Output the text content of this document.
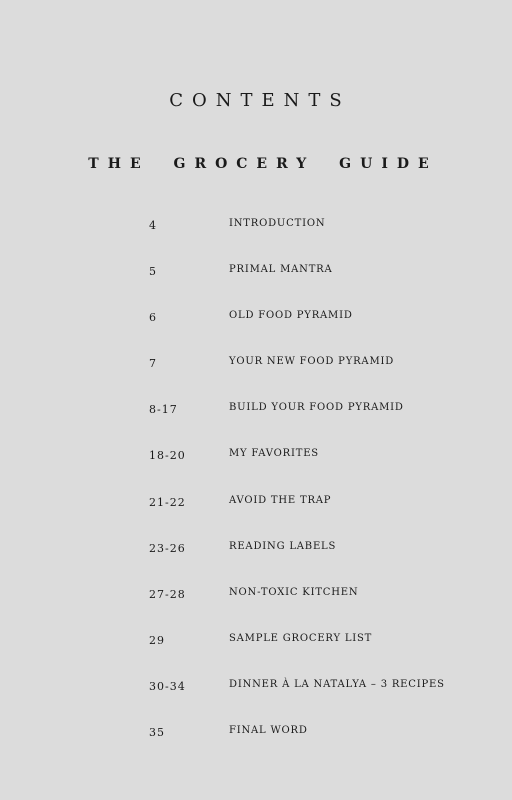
CONTENTS
THE GROCERY GUIDE
4	INTRODUCTION
5	PRIMAL MANTRA
6	OLD FOOD PYRAMID
7	YOUR NEW FOOD PYRAMID
8-17	BUILD YOUR FOOD PYRAMID
18-20	MY FAVORITES
21-22	AVOID THE TRAP
23-26	READING LABELS
27-28	NON-TOXIC KITCHEN
29	SAMPLE GROCERY LIST
30-34	DINNER À LA NATALYA – 3 RECIPES
35	FINAL WORD
